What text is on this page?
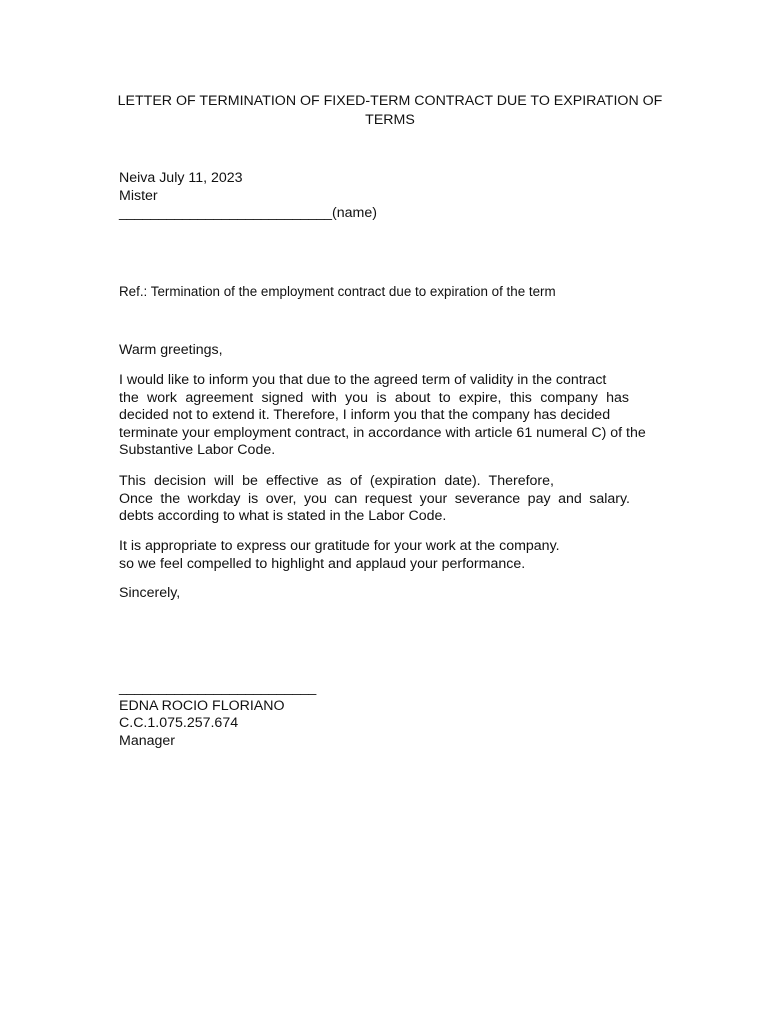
LETTER OF TERMINATION OF FIXED-TERM CONTRACT DUE TO EXPIRATION OF TERMS
Neiva July 11, 2023
Mister
___________________________(name)
Ref.: Termination of the employment contract due to expiration of the term
Warm greetings,
I would like to inform you that due to the agreed term of validity in the contract
the work agreement signed with you is about to expire, this company has
decided not to extend it. Therefore, I inform you that the company has decided
terminate your employment contract, in accordance with article 61 numeral C) of the
Substantive Labor Code.
This decision will be effective as of (expiration date). Therefore,
Once the workday is over, you can request your severance pay and salary.
debts according to what is stated in the Labor Code.
It is appropriate to express our gratitude for your work at the company.
so we feel compelled to highlight and applaud your performance.
Sincerely,
_________________________
EDNA ROCIO FLORIANO
C.C.1.075.257.674
Manager
